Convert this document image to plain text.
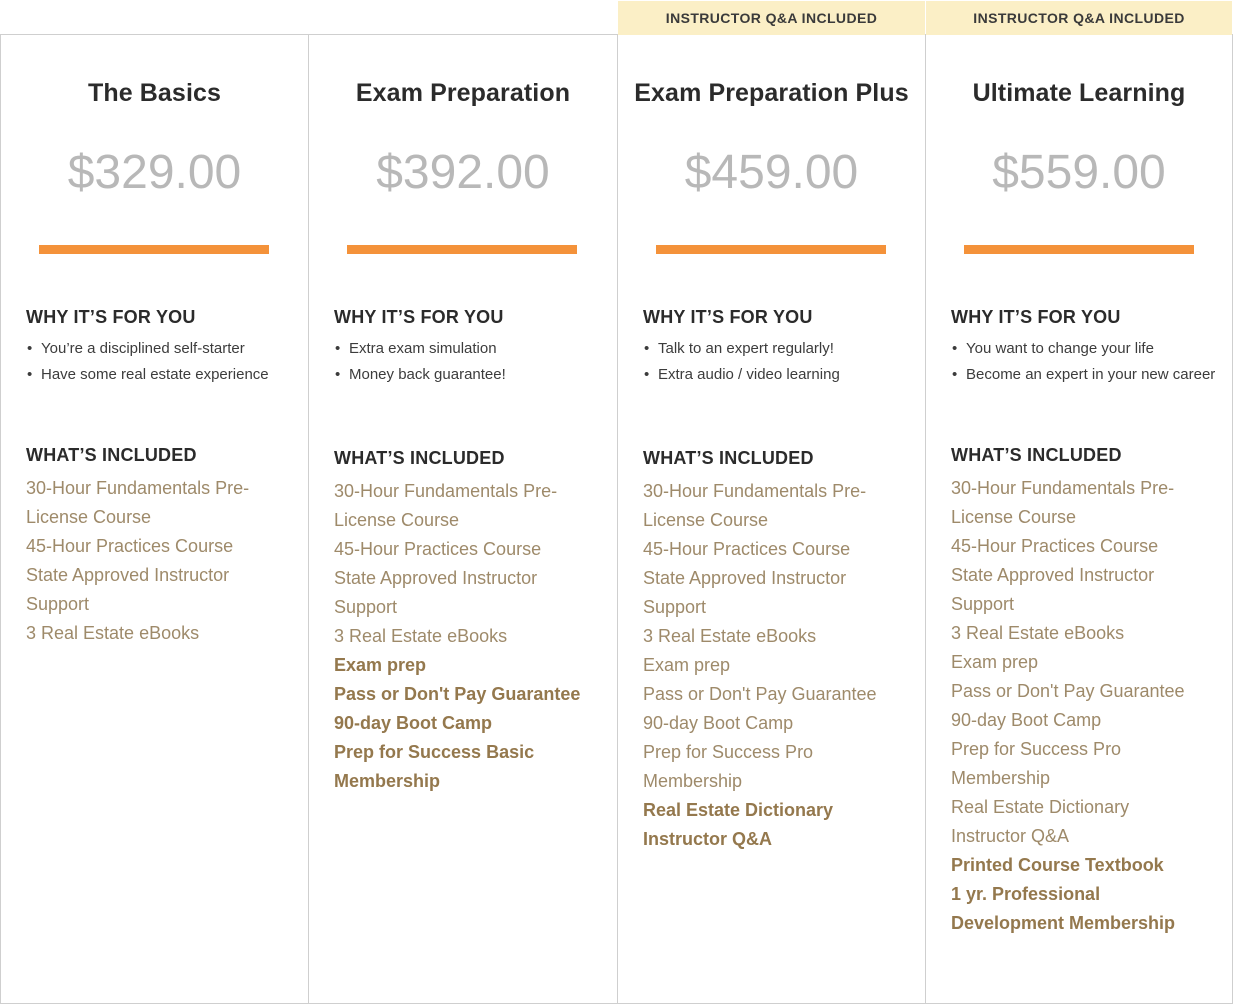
The Basics
$329.00
WHY IT’S FOR YOU
• You’re a disciplined self-starter
• Have some real estate experience
WHAT’S INCLUDED
30-Hour Fundamentals Pre-License Course
45-Hour Practices Course
State Approved Instructor Support
3 Real Estate eBooks
Exam Preparation
$392.00
WHY IT’S FOR YOU
• Extra exam simulation
• Money back guarantee!
WHAT’S INCLUDED
30-Hour Fundamentals Pre-License Course
45-Hour Practices Course
State Approved Instructor Support
3 Real Estate eBooks
Exam prep
Pass or Don't Pay Guarantee
90-day Boot Camp
Prep for Success Basic Membership
INSTRUCTOR Q&A INCLUDED
Exam Preparation Plus
$459.00
WHY IT’S FOR YOU
• Talk to an expert regularly!
• Extra audio / video learning
WHAT’S INCLUDED
30-Hour Fundamentals Pre-License Course
45-Hour Practices Course
State Approved Instructor Support
3 Real Estate eBooks
Exam prep
Pass or Don't Pay Guarantee
90-day Boot Camp
Prep for Success Pro Membership
Real Estate Dictionary
Instructor Q&A
INSTRUCTOR Q&A INCLUDED
Ultimate Learning
$559.00
WHY IT’S FOR YOU
• You want to change your life
• Become an expert in your new career
WHAT’S INCLUDED
30-Hour Fundamentals Pre-License Course
45-Hour Practices Course
State Approved Instructor Support
3 Real Estate eBooks
Exam prep
Pass or Don't Pay Guarantee
90-day Boot Camp
Prep for Success Pro Membership
Real Estate Dictionary
Instructor Q&A
Printed Course Textbook
1 yr. Professional Development Membership
